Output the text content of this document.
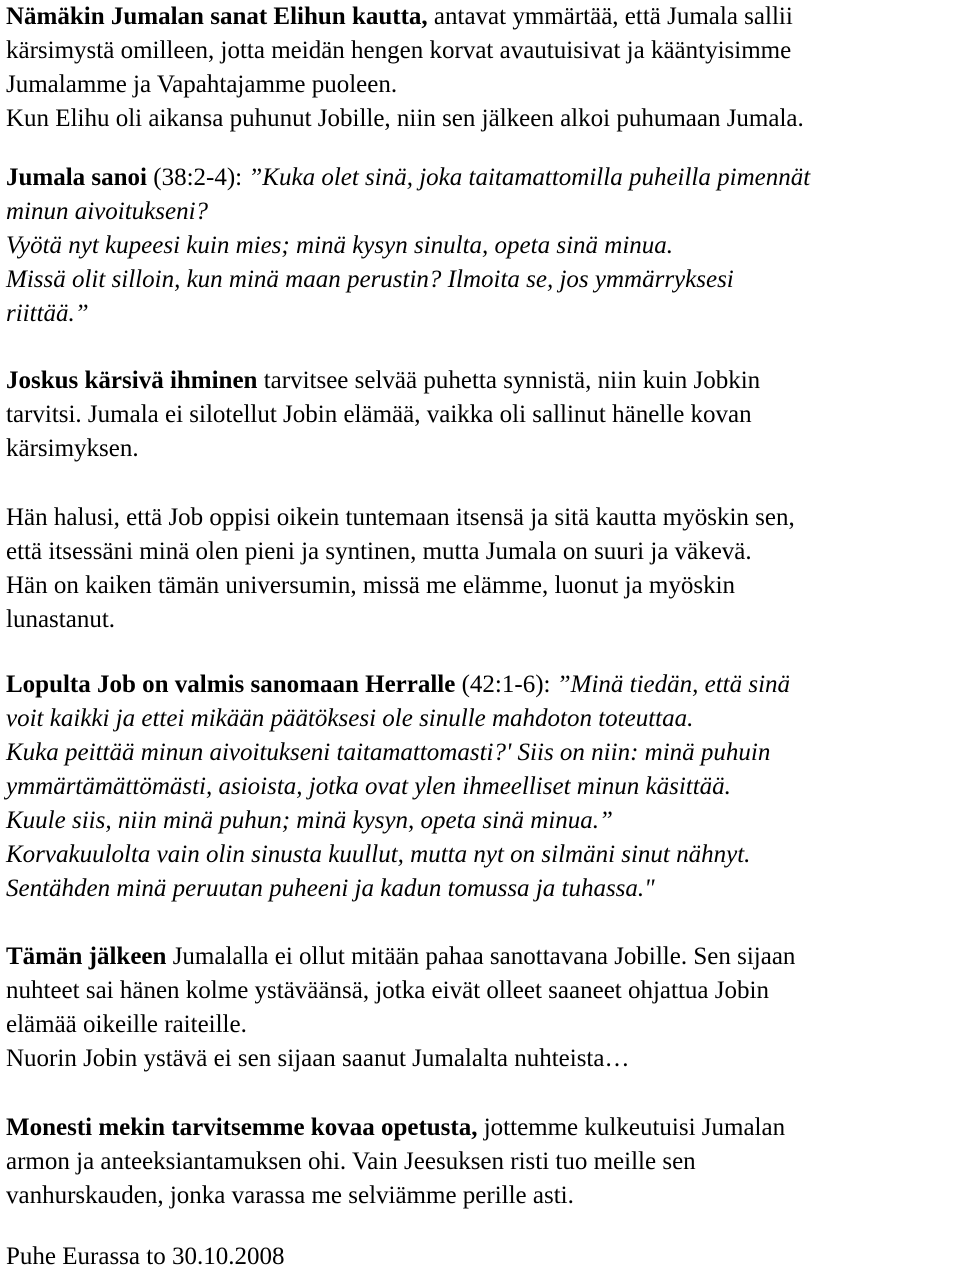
Nämäkin Jumalan sanat Elihun kautta, antavat ymmärtää, että Jumala sallii
kärsimystä omilleen, jotta meidän hengen korvat avautuisivat ja kääntyisimme
Jumalamme ja Vapahtajamme puoleen.
Kun Elihu oli aikansa puhunut Jobille, niin sen jälkeen alkoi puhumaan Jumala.
Jumala sanoi (38:2-4): ”Kuka olet sinä, joka taitamattomilla puheilla pimennät
minun aivoitukseni?
Vyötä nyt kupeesi kuin mies; minä kysyn sinulta, opeta sinä minua.
Missä olit silloin, kun minä maan perustin? Ilmoita se, jos ymmärryksesi
riittää.”
Joskus kärsivä ihminen tarvitsee selvää puhetta synnistä, niin kuin Jobkin
tarvitsi. Jumala ei silotellut Jobin elämää, vaikka oli sallinut hänelle kovan
kärsimyksen.
Hän halusi, että Job oppisi oikein tuntemaan itsensä ja sitä kautta myöskin sen,
että itsessäni minä olen pieni ja syntinen, mutta Jumala on suuri ja väkevä.
Hän on kaiken tämän universumin, missä me elämme, luonut ja myöskin
lunastanut.
Lopulta Job on valmis sanomaan Herralle (42:1-6): ”Minä tiedän, että sinä
voit kaikki ja ettei mikään päätöksesi ole sinulle mahdoton toteuttaa.
Kuka peittää minun aivoitukseni taitamattomasti?' Siis on niin: minä puhuin
ymmärtämättömästi, asioista, jotka ovat ylen ihmeelliset minun käsittää.
Kuule siis, niin minä puhun; minä kysyn, opeta sinä minua.”
Korvakuulolta vain olin sinusta kuullut, mutta nyt on silmäni sinut nähnyt.
Sentähden minä peruutan puheeni ja kadun tomussa ja tuhassa."
Tämän jälkeen Jumalalla ei ollut mitään pahaa sanottavana Jobille. Sen sijaan
nuhteet sai hänen kolme ystäväänsä, jotka eivät olleet saaneet ohjattua Jobin
elämää oikeille raiteille.
Nuorin Jobin ystävä ei sen sijaan saanut Jumalalta nuhteista…
Monesti mekin tarvitsemme kovaa opetusta, jottemme kulkeutuisi Jumalan
armon ja anteeksiantamuksen ohi. Vain Jeesuksen risti tuo meille sen
vanhurskauden, jonka varassa me selviämme perille asti.
Puhe Eurassa to 30.10.2008
